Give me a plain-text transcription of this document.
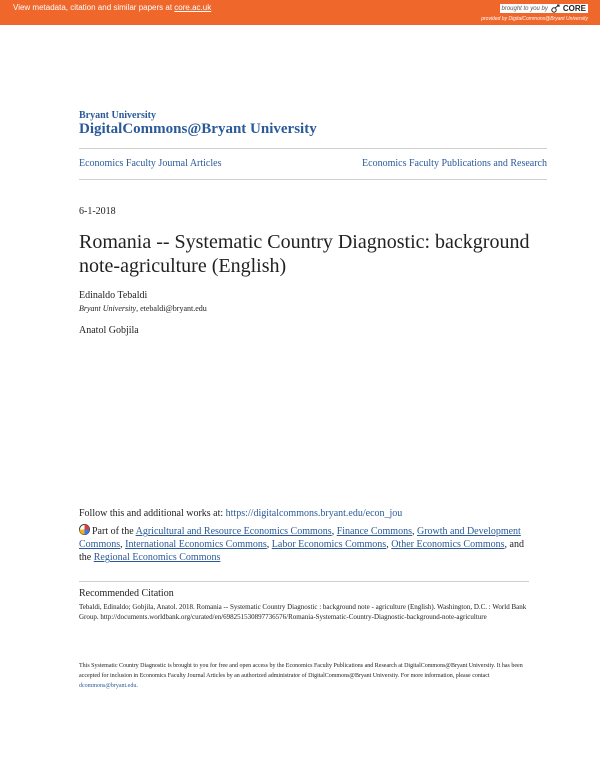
View metadata, citation and similar papers at core.ac.uk	brought to you by CORE
provided by DigitalCommons@Bryant University
Bryant University
DigitalCommons@Bryant University
Economics Faculty Journal Articles	Economics Faculty Publications and Research
6-1-2018
Romania -- Systematic Country Diagnostic: background note-agriculture (English)
Edinaldo Tebaldi
Bryant University, etebaldi@bryant.edu
Anatol Gobjila
Follow this and additional works at: https://digitalcommons.bryant.edu/econ_jou
Part of the Agricultural and Resource Economics Commons, Finance Commons, Growth and Development Commons, International Economics Commons, Labor Economics Commons, Other Economics Commons, and the Regional Economics Commons
Recommended Citation
Tebaldi, Edinaldo; Gobjila, Anatol. 2018. Romania -- Systematic Country Diagnostic : background note - agriculture (English). Washington, D.C. : World Bank Group. http://documents.worldbank.org/curated/en/698251530897736576/Romania-Systematic-Country-Diagnostic-background-note-agriculture
This Systematic Country Diagnostic is brought to you for free and open access by the Economics Faculty Publications and Research at DigitalCommons@Bryant University. It has been accepted for inclusion in Economics Faculty Journal Articles by an authorized administrator of DigitalCommons@Bryant University. For more information, please contact dcommons@bryant.edu.
